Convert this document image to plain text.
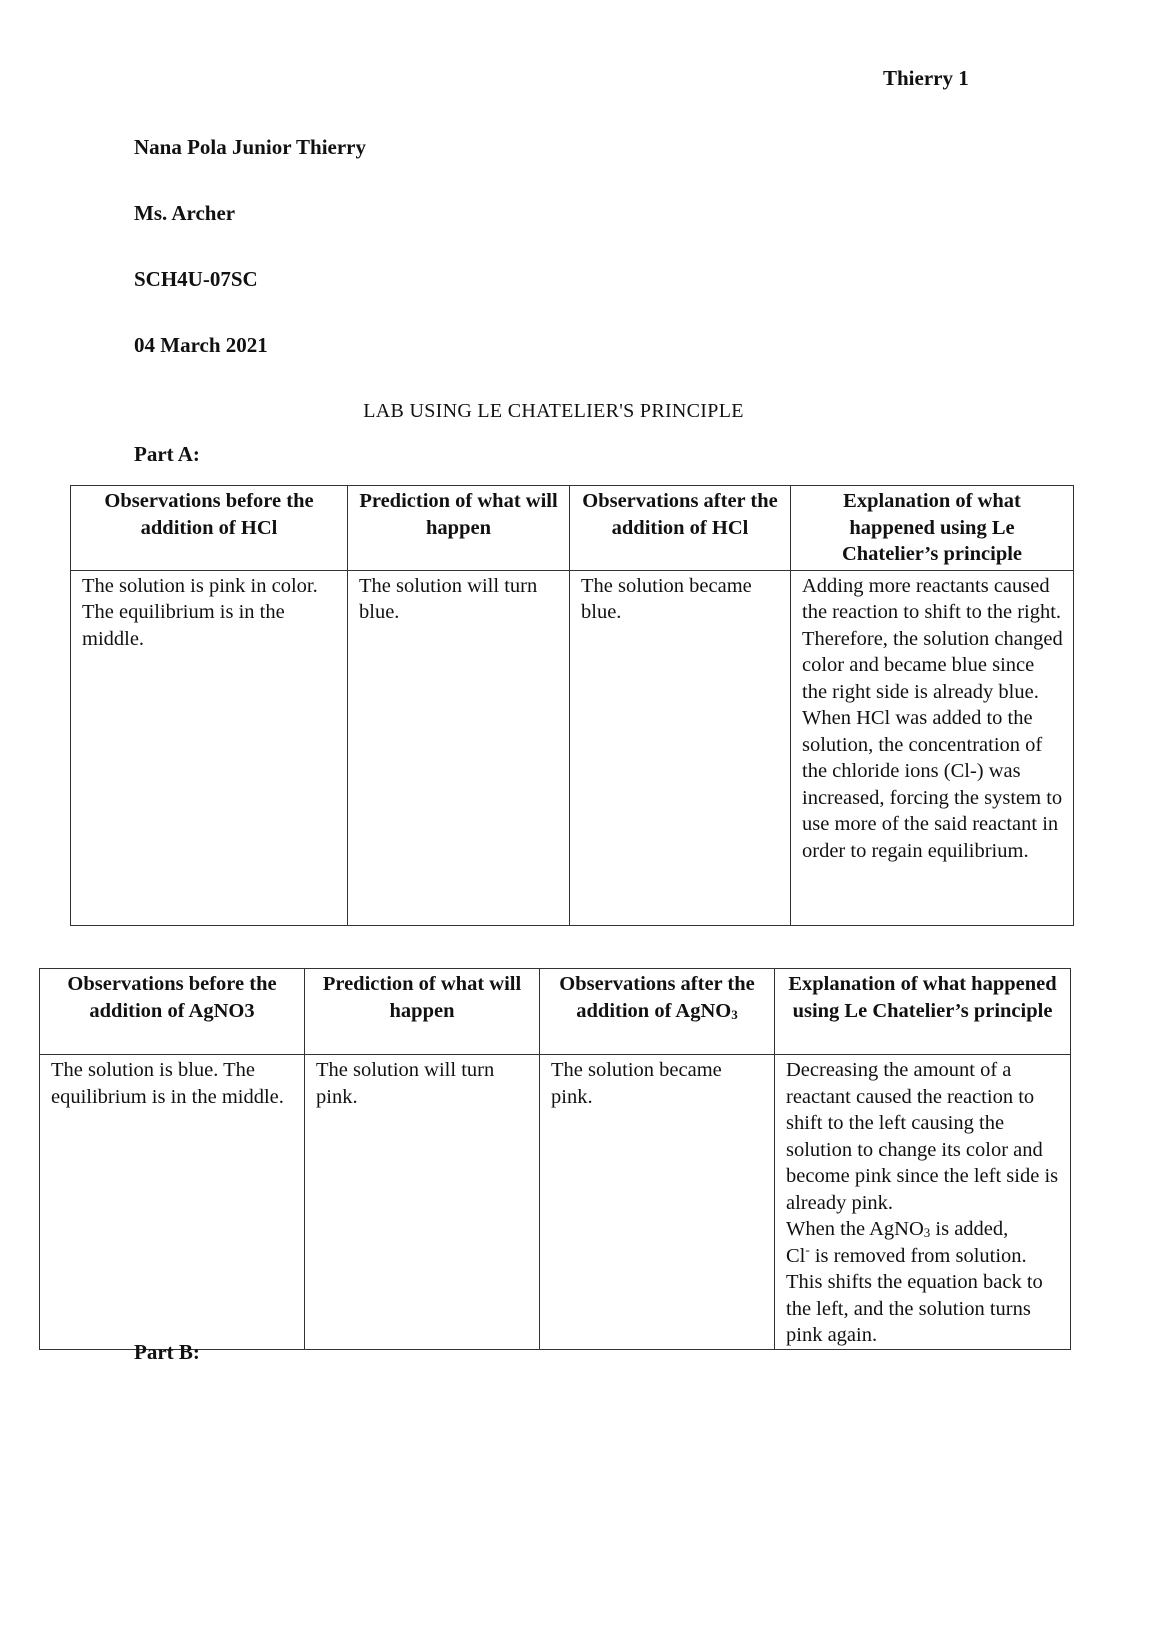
Thierry 1
Nana Pola Junior Thierry
Ms. Archer
SCH4U-07SC
04 March 2021
LAB USING LE CHATELIER'S PRINCIPLE
Part A:
Observations before the addition of HCl	Prediction of what will happen	Observations after the addition of HCl	Explanation of what happened using Le Chatelier’s principle
The solution is pink in color. The equilibrium is in the middle.	The solution will turn blue.	The solution became blue.	Adding more reactants caused the reaction to shift to the right. Therefore, the solution changed color and became blue since the right side is already blue. When HCl was added to the solution, the concentration of the chloride ions (Cl-) was increased, forcing the system to use more of the said reactant in order to regain equilibrium.
Observations before the addition of AgNO3	Prediction of what will happen	Observations after the addition of AgNO$_3$	Explanation of what happened using Le Chatelier’s principle
The solution is blue. The equilibrium is in the middle.	The solution will turn pink.	The solution became pink.	Decreasing the amount of a reactant caused the reaction to shift to the left causing the solution to change its color and become pink since the left side is already pink.
When the AgNO$_3$ is added,
Cl- is removed from solution. This shifts the equation back to the left, and the solution turns pink again.
Part B:
